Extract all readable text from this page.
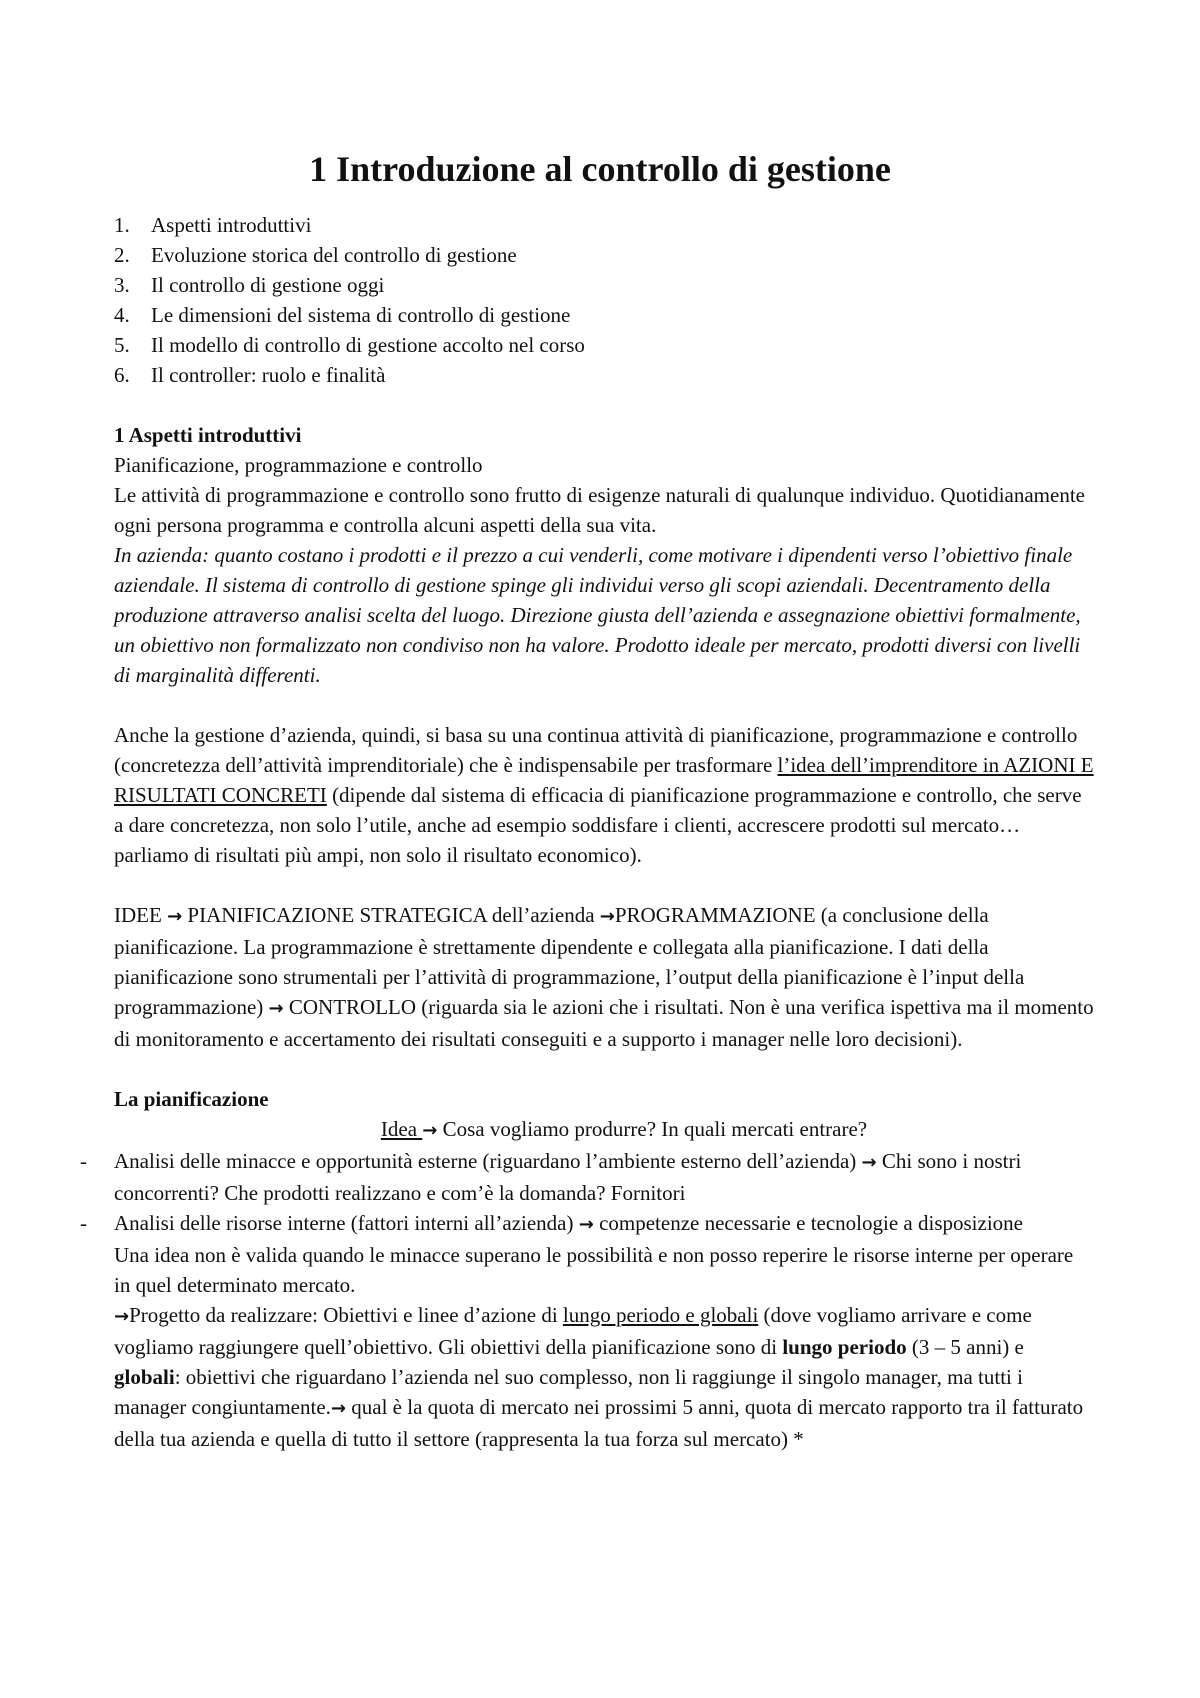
1 Introduzione al controllo di gestione
1. Aspetti introduttivi
2. Evoluzione storica del controllo di gestione
3. Il controllo di gestione oggi
4. Le dimensioni del sistema di controllo di gestione
5. Il modello di controllo di gestione accolto nel corso
6. Il controller: ruolo e finalità

1 Aspetti introduttivi

Pianificazione, programmazione e controllo

Le attività di programmazione e controllo sono frutto di esigenze naturali di qualunque individuo. Quotidianamente ogni persona programma e controlla alcuni aspetti della sua vita.

In azienda: quanto costano i prodotti e il prezzo a cui venderli, come motivare i dipendenti verso l’obiettivo finale aziendale. Il sistema di controllo di gestione spinge gli individui verso gli scopi aziendali. Decentramento della produzione attraverso analisi scelta del luogo. Direzione giusta dell’azienda e assegnazione obiettivi formalmente, un obiettivo non formalizzato non condiviso non ha valore. Prodotto ideale per mercato, prodotti diversi con livelli di marginalità differenti.

Anche la gestione d’azienda, quindi, si basa su una continua attività di pianificazione, programmazione e controllo (concretezza dell’attività imprenditoriale) che è indispensabile per trasformare l’idea dell’imprenditore in AZIONI E RISULTATI CONCRETI (dipende dal sistema di efficacia di pianificazione programmazione e controllo, che serve a dare concretezza, non solo l’utile, anche ad esempio soddisfare i clienti, accrescere prodotti sul mercato…parliamo di risultati più ampi, non solo il risultato economico).

IDEE → PIANIFICAZIONE STRATEGICA dell’azienda →PROGRAMMAZIONE (a conclusione della pianificazione. La programmazione è strettamente dipendente e collegata alla pianificazione. I dati della pianificazione sono strumentali per l’attività di programmazione, l’output della pianificazione è l’input della programmazione) → CONTROLLO (riguarda sia le azioni che i risultati. Non è una verifica ispettiva ma il momento di monitoramento e accertamento dei risultati conseguiti e a supporto i manager nelle loro decisioni).

La pianificazione

Idea → Cosa vogliamo produrre? In quali mercati entrare?

- Analisi delle minacce e opportunità esterne (riguardano l’ambiente esterno dell’azienda) → Chi sono i nostri concorrenti? Che prodotti realizzano e com’è la domanda? Fornitori

- Analisi delle risorse interne (fattori interni all’azienda) → competenze necessarie e tecnologie a disposizione

Una idea non è valida quando le minacce superano le possibilità e non posso reperire le risorse interne per operare in quel determinato mercato.

→Progetto da realizzare: Obiettivi e linee d’azione di lungo periodo e globali (dove vogliamo arrivare e come vogliamo raggiungere quell’obiettivo. Gli obiettivi della pianificazione sono di lungo periodo (3 – 5 anni) e globali: obiettivi che riguardano l’azienda nel suo complesso, non li raggiunge il singolo manager, ma tutti i manager congiuntamente.→ qual è la quota di mercato nei prossimi 5 anni, quota di mercato rapporto tra il fatturato della tua azienda e quella di tutto il settore (rappresenta la tua forza sul mercato) *
